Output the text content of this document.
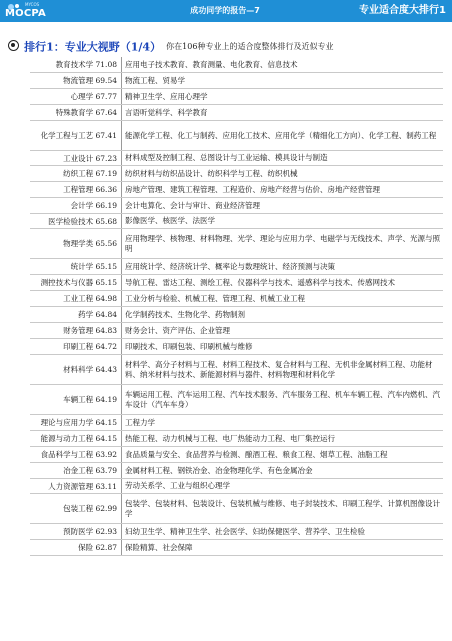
MYCOS
MOCPA	成功同学的报告—7	专业适合度大排行1
排行1：专业大视野（1/4） 你在106种专业上的适合度整体排行及近似专业
教育技术学
71.08 应用电子技术教育、教育测量、电化教育、信息技术
物流管理
69.54 物流工程、贸易学
心理学
67.77 精神卫生学、应用心理学
特殊教育学
67.64 言语听觉科学、科学教育
化学工程与工艺
67.41 能源化学工程、化工与制药、应用化工技术、应用化学（精细化工方向）、化学工程、制药工程
工业设计
67.23 材料成型及控制工程、总图设计与工业运输、模具设计与制造
纺织工程
67.19 纺织材料与纺织品设计、纺织科学与工程、纺织机械
工程管理
66.36 房地产管理、建筑工程管理、工程造价、房地产经营与估价、房地产经营管理
会计学
66.19 会计电算化、会计与审计、商业经济管理
医学检验技术
65.68 影像医学、核医学、法医学
物理学类
65.56
应用物理学、核物理、材料物理、光学、理论与应用力学、电磁学与无线技术、声学、光源与照明
统计学
65.15 应用统计学、经济统计学、概率论与数理统计、经济预测与决策
测控技术与仪器
65.15 导航工程、雷达工程、测绘工程、仪器科学与技术、遥感科学与技术、传感网技术
工业工程
64.98 工业分析与检验、机械工程、管理工程、机械工业工程
药学
64.84 化学制药技术、生物化学、药物制剂
财务管理
64.83 财务会计、资产评估、企业管理
印刷工程
64.72 印刷技术、印刷包装、印刷机械与维修
材料科学
64.43
材料学、高分子材料与工程、材料工程技术、复合材料与工程、无机非金属材料工程、功能材料、纳米材料与技术、新能源材料与器件、材料物理和材料化学
车辆工程
64.19
车辆运用工程、汽车运用工程、汽车技术服务、汽车服务工程、机车车辆工程、汽车内燃机、汽车设计（汽车车身）
理论与应用力学
64.15 工程力学
能源与动力工程
64.15 热能工程、动力机械与工程、电厂热能动力工程、电厂集控运行
食品科学与工程
63.92 食品质量与安全、食品营养与检测、酿酒工程、粮食工程、烟草工程、油脂工程
冶金工程
63.79 金属材料工程、钢铁冶金、冶金物理化学、有色金属冶金
人力资源管理
63.11 劳动关系学、工业与组织心理学
包装工程
62.99
包装学、包装材料、包装设计、包装机械与维修、电子封装技术、印刷工程学、计算机图像设计学
预防医学
62.93 妇幼卫生学、精神卫生学、社会医学、妇幼保健医学、营养学、卫生检验
保险
62.87 保险精算、社会保障
